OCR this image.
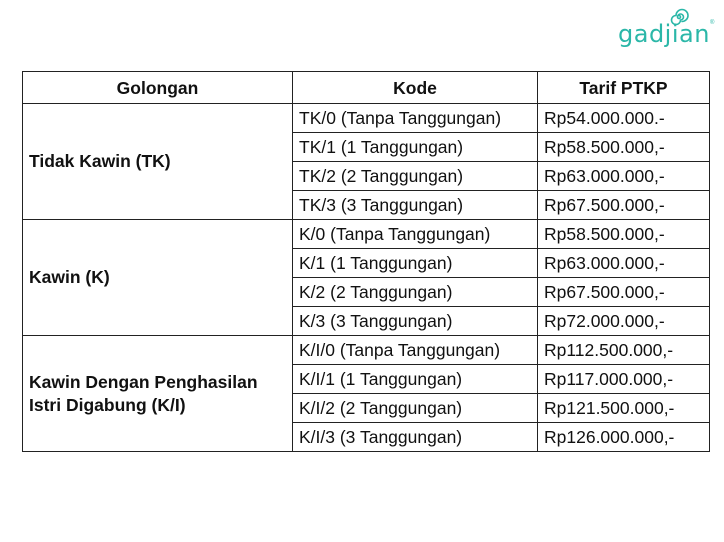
gadjian ®
Golongan	Kode	Tarif PTKP
Tidak Kawin (TK)	TK/0 (Tanpa Tanggungan)	Rp54.000.000.-
	TK/1 (1 Tanggungan)	Rp58.500.000,-
	TK/2 (2 Tanggungan)	Rp63.000.000,-
	TK/3 (3 Tanggungan)	Rp67.500.000,-
Kawin (K)	K/0 (Tanpa Tanggungan)	Rp58.500.000,-
	K/1 (1 Tanggungan)	Rp63.000.000,-
	K/2 (2 Tanggungan)	Rp67.500.000,-
	K/3 (3 Tanggungan)	Rp72.000.000,-
Kawin Dengan Penghasilan Istri Digabung (K/I)	K/I/0 (Tanpa Tanggungan)	Rp112.500.000,-
	K/I/1 (1 Tanggungan)	Rp117.000.000,-
	K/I/2 (2 Tanggungan)	Rp121.500.000,-
	K/I/3 (3 Tanggungan)	Rp126.000.000,-
